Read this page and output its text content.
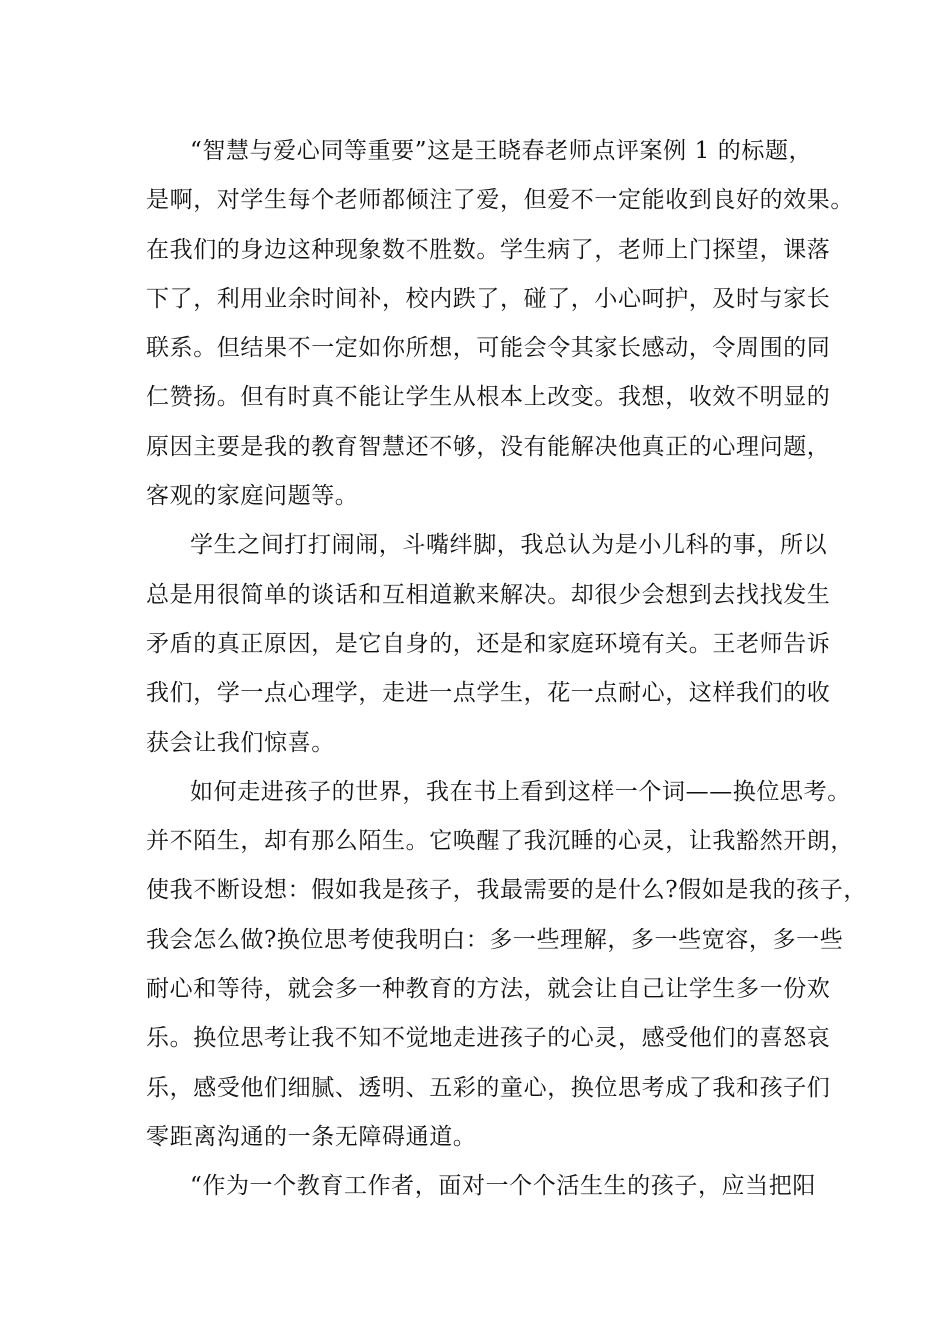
“智慧与爱心同等重要”这是王晓春老师点评案例 1 的标题，
是啊，对学生每个老师都倾注了爱，但爱不一定能收到良好的效果。
在我们的身边这种现象数不胜数。学生病了，老师上门探望，课落
下了，利用业余时间补，校内跌了，碰了，小心呵护，及时与家长
联系。但结果不一定如你所想，可能会令其家长感动，令周围的同
仁赞扬。但有时真不能让学生从根本上改变。我想，收效不明显的
原因主要是我的教育智慧还不够，没有能解决他真正的心理问题，
客观的家庭问题等。
学生之间打打闹闹，斗嘴绊脚，我总认为是小儿科的事，所以
总是用很简单的谈话和互相道歉来解决。却很少会想到去找找发生
矛盾的真正原因，是它自身的，还是和家庭环境有关。王老师告诉
我们，学一点心理学，走进一点学生，花一点耐心，这样我们的收
获会让我们惊喜。
如何走进孩子的世界，我在书上看到这样一个词——换位思考。
并不陌生，却有那么陌生。它唤醒了我沉睡的心灵，让我豁然开朗，
使我不断设想：假如我是孩子，我最需要的是什么?假如是我的孩子，
我会怎么做?换位思考使我明白：多一些理解，多一些宽容，多一些
耐心和等待，就会多一种教育的方法，就会让自己让学生多一份欢
乐。换位思考让我不知不觉地走进孩子的心灵，感受他们的喜怒哀
乐，感受他们细腻、透明、五彩的童心，换位思考成了我和孩子们
零距离沟通的一条无障碍通道。
“作为一个教育工作者，面对一个个活生生的孩子，应当把阳
